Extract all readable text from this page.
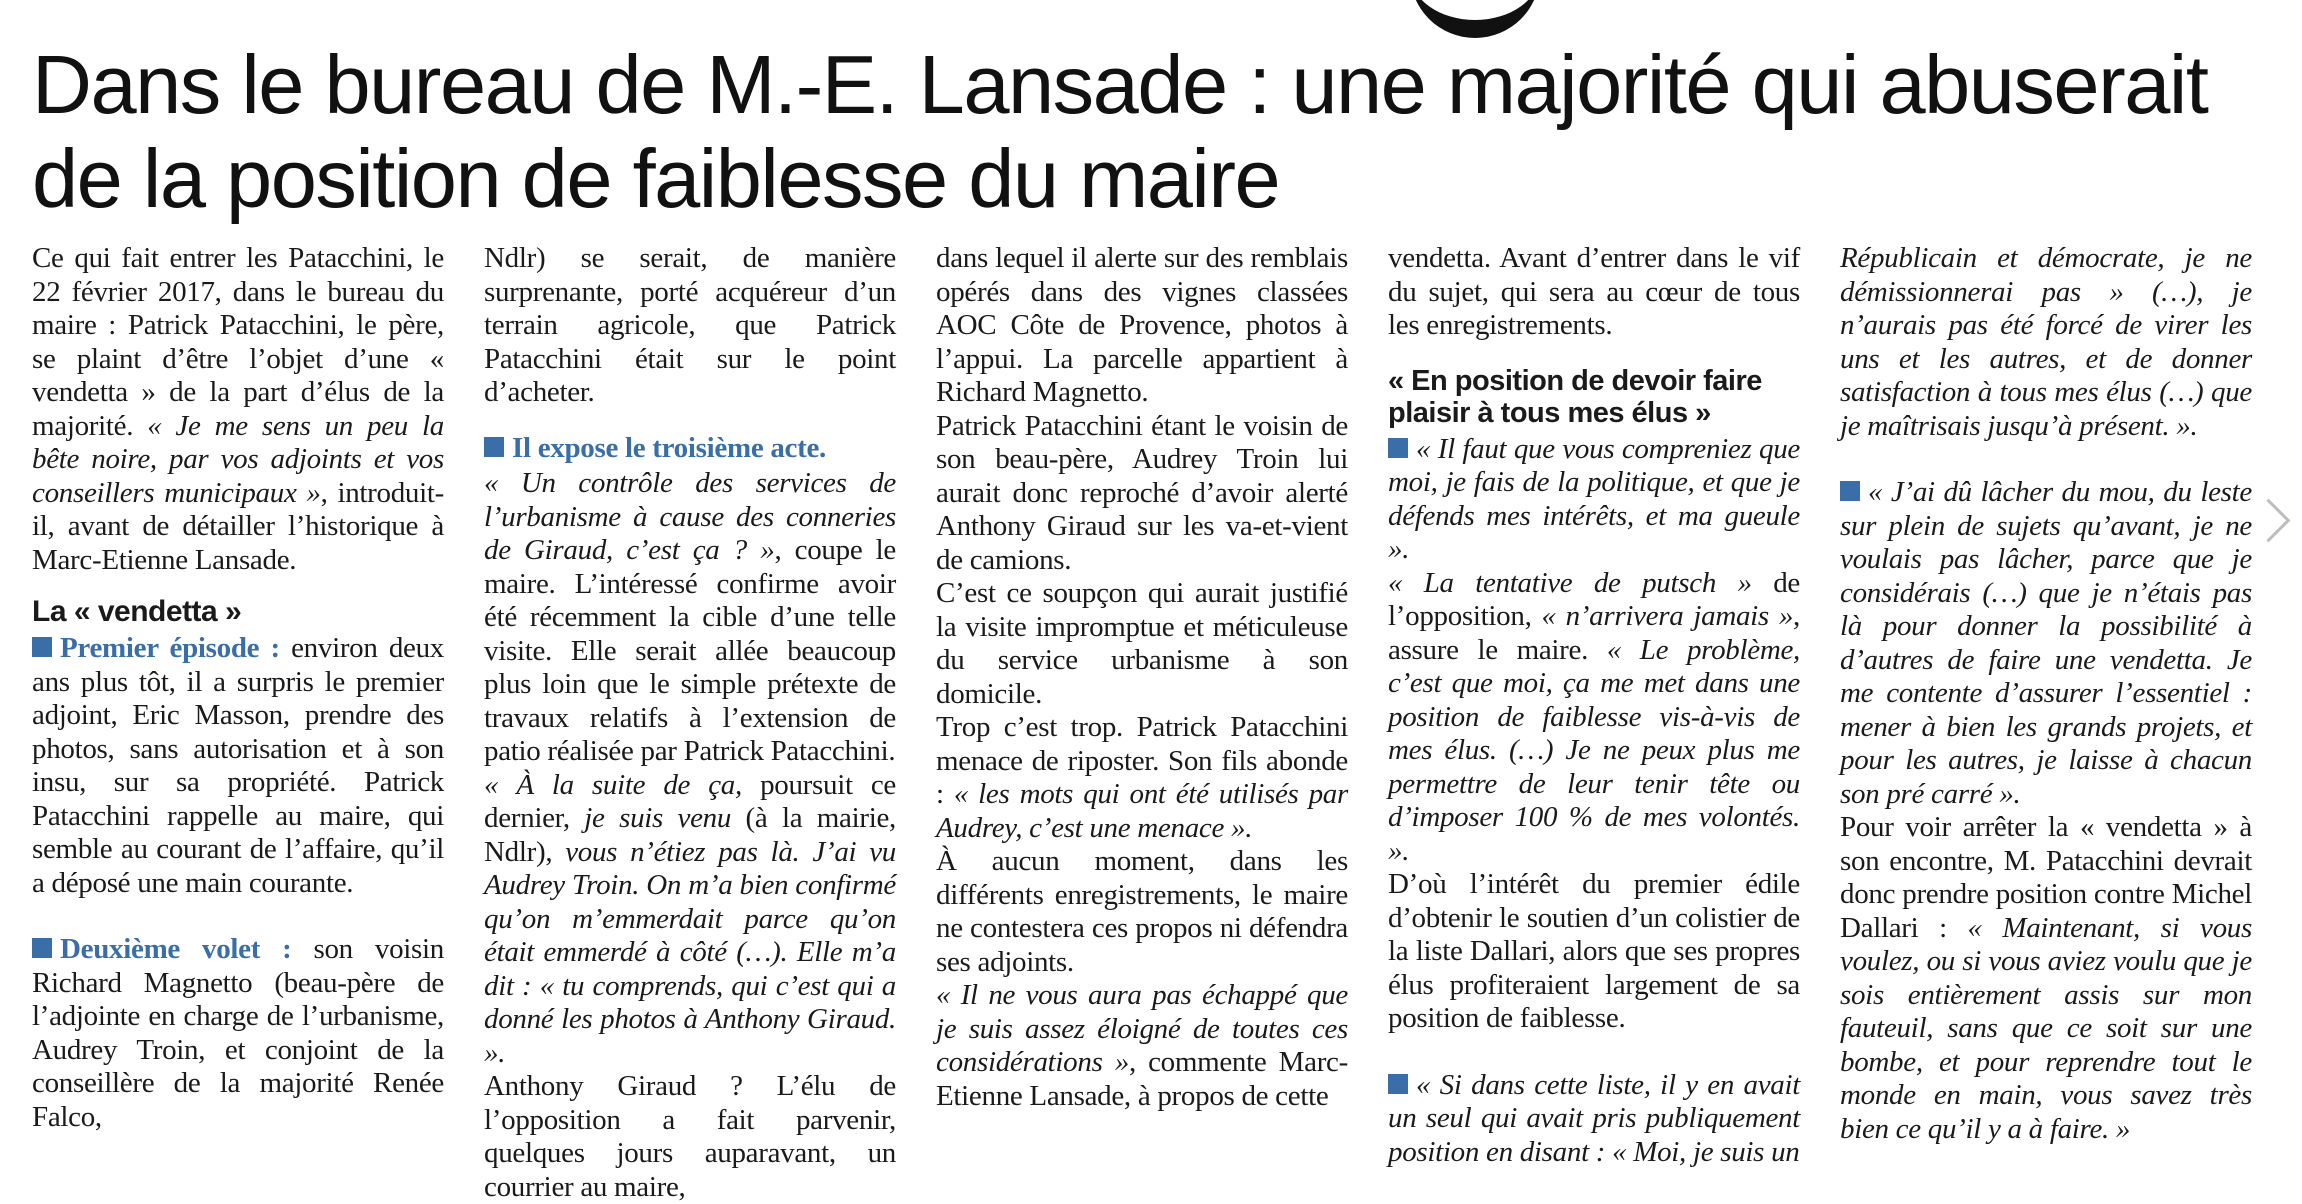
Dans le bureau de M.-E. Lansade : une majorité qui abuserait de la position de faiblesse du maire

Ce qui fait entrer les Patacchini, le 22 février 2017, dans le bureau du maire : Patrick Patacchini, le père, se plaint d’être l’objet d’une « vendetta » de la part d’élus de la majorité. « Je me sens un peu la bête noire, par vos adjoints et vos conseillers municipaux », introduit-il, avant de détailler l’historique à Marc-Etienne Lansade.

La « vendetta »

Premier épisode : environ deux ans plus tôt, il a surpris le premier adjoint, Eric Masson, prendre des photos, sans autorisation et à son insu, sur sa propriété. Patrick Patacchini rappelle au maire, qui semble au courant de l’affaire, qu’il a déposé une main courante.

Deuxième volet : son voisin Richard Magnetto (beau-père de l’adjointe en charge de l’urbanisme, Audrey Troin, et conjoint de la conseillère de la majorité Renée Falco,

Ndlr) se serait, de manière surprenante, porté acquéreur d’un terrain agricole, que Patrick Patacchini était sur le point d’acheter.

Il expose le troisième acte.

« Un contrôle des services de l’urbanisme à cause des conneries de Giraud, c’est ça ? », coupe le maire. L’intéressé confirme avoir été récemment la cible d’une telle visite. Elle serait allée beaucoup plus loin que le simple prétexte de travaux relatifs à l’extension de patio réalisée par Patrick Patacchini.

« À la suite de ça, poursuit ce dernier, je suis venu (à la mairie, Ndlr), vous n’étiez pas là. J’ai vu Audrey Troin. On m’a bien confirmé qu’on m’emmerdait parce qu’on était emmerdé à côté (…). Elle m’a dit : « tu comprends, qui c’est qui a donné les photos à Anthony Giraud. ».

Anthony Giraud ? L’élu de l’opposition a fait parvenir, quelques jours auparavant, un courrier au maire,

dans lequel il alerte sur des remblais opérés dans des vignes classées AOC Côte de Provence, photos à l’appui. La parcelle appartient à Richard Magnetto.

Patrick Patacchini étant le voisin de son beau-père, Audrey Troin lui aurait donc reproché d’avoir alerté Anthony Giraud sur les va-et-vient de camions.

C’est ce soupçon qui aurait justifié la visite impromptue et méticuleuse du service urbanisme à son domicile.

Trop c’est trop. Patrick Patacchini menace de riposter. Son fils abonde : « les mots qui ont été utilisés par Audrey, c’est une menace ».

À aucun moment, dans les différents enregistrements, le maire ne contestera ces propos ni défendra ses adjoints.

« Il ne vous aura pas échappé que je suis assez éloigné de toutes ces considérations », commente Marc-Etienne Lansade, à propos de cette

vendetta. Avant d’entrer dans le vif du sujet, qui sera au cœur de tous les enregistrements.

« En position de devoir faire plaisir à tous mes élus »

« Il faut que vous compreniez que moi, je fais de la politique, et que je défends mes intérêts, et ma gueule ».

« La tentative de putsch » de l’opposition, « n’arrivera jamais », assure le maire. « Le problème, c’est que moi, ça me met dans une position de faiblesse vis-à-vis de mes élus. (…) Je ne peux plus me permettre de leur tenir tête ou d’imposer 100 % de mes volontés. ».

D’où l’intérêt du premier édile d’obtenir le soutien d’un colistier de la liste Dallari, alors que ses propres élus profiteraient largement de sa position de faiblesse.

« Si dans cette liste, il y en avait un seul qui avait pris publiquement position en disant : « Moi, je suis un

Républicain et démocrate, je ne démissionnerai pas » (…), je n’aurais pas été forcé de virer les uns et les autres, et de donner satisfaction à tous mes élus (…) que je maîtrisais jusqu’à présent. ».

« J’ai dû lâcher du mou, du leste sur plein de sujets qu’avant, je ne voulais pas lâcher, parce que je considérais (…) que je n’étais pas là pour donner la possibilité à d’autres de faire une vendetta. Je me contente d’assurer l’essentiel : mener à bien les grands projets, et pour les autres, je laisse à chacun son pré carré ».

Pour voir arrêter la « vendetta » à son encontre, M. Patacchini devrait donc prendre position contre Michel Dallari : « Maintenant, si vous voulez, ou si vous aviez voulu que je sois entièrement assis sur mon fauteuil, sans que ce soit sur une bombe, et pour reprendre tout le monde en main, vous savez très bien ce qu’il y a à faire. »
